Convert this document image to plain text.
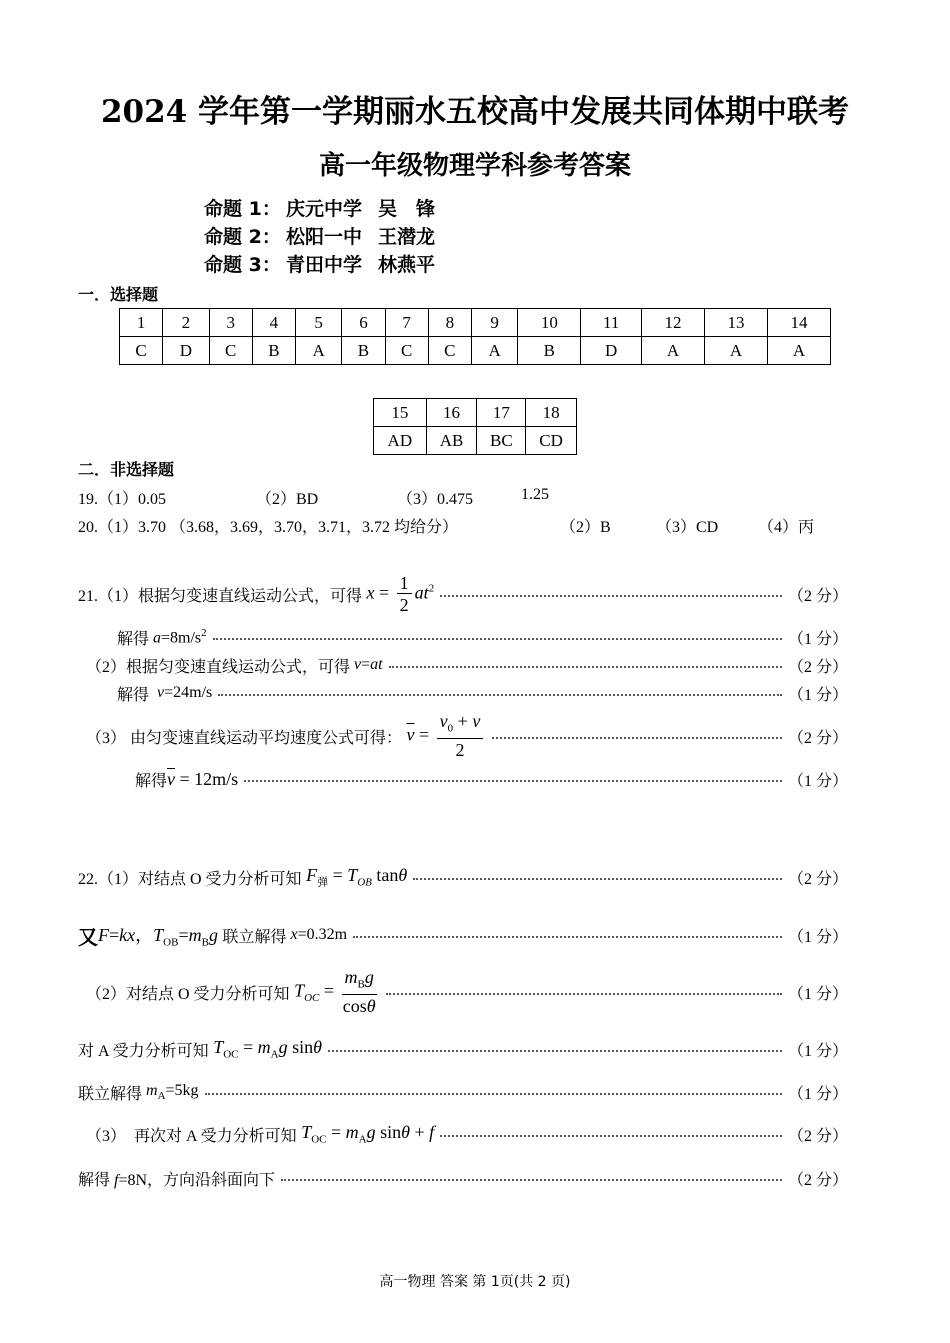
2024 学年第一学期丽水五校高中发展共同体期中联考
高一年级物理学科参考答案
命题 1： 庆元中学 吴　锋
命题 2： 松阳一中 王潜龙
命题 3： 青田中学 林燕平
一．选择题
1	2	3	4	5	6	7	8	9	10	11	12	13	14
C	D	C	B	A	B	C	C	A	B	D	A	A	A
15	16	17	18
AD	AB	BC	CD
二．非选择题
19.（1）0.05	（2）BD	（3）0.475	1.25
20.（1）3.70 （3.68，3.69，3.70，3.71，3.72 均给分）	（2）B	（3）CD （4）丙
21.（1）根据匀变速直线运动公式，可得 $x = \frac{1}{2} at^2$	（2 分）
解得 $a=8m/s^2$	（1 分）
（2）根据匀变速直线运动公式，可得 v=at	（2 分）
解得 v=24m/s	（1 分）
（3） 由匀变速直线运动平均速度公式可得： $\overline{v} = \frac{v_0 + v}{2}$	（2 分）
解得 $\overline{v} = 12m/s$	（1 分）
22.（1）对结点 O 受力分析可知 $F_弹 = T_{OB}$ tanθ	（2 分）
又 F=kx，$T_{OB}=m_Bg$ 联立解得 x=0.32m	（1 分）
（2）对结点 O 受力分析可知 $T_{OC} = \frac{m_Bg}{\cos\theta}$	（1 分）
对 A 受力分析可知 $T_{OC} = m_Ag$ sinθ	（1 分）
联立解得 $m_A=5kg$	（1 分）
（3）　再次对 A 受力分析可知 $T_{OC} = m_Ag$ sinθ + f	（2 分）
解得 f=8N ，方向沿斜面向下	（2 分）
高一物理 答案 第 1页(共 2 页)
